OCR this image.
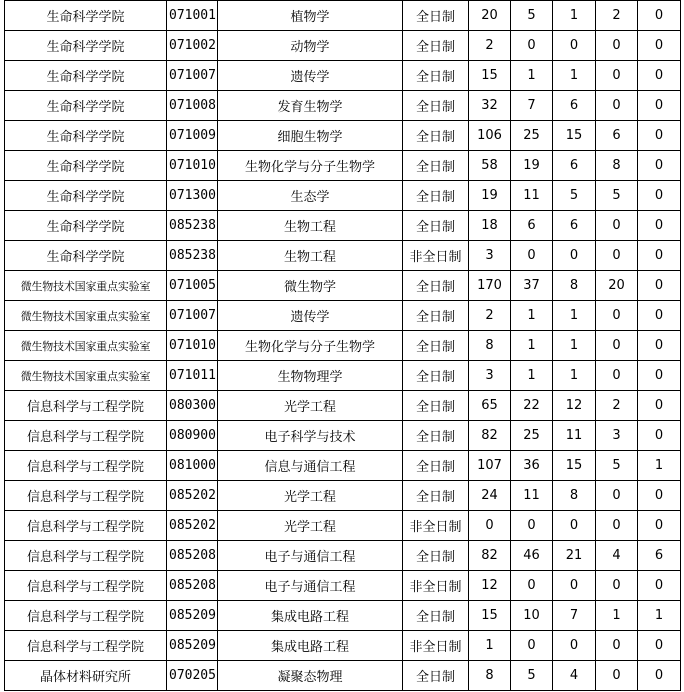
生命科学学院	071001	植物学	全日制	20	5	1	2	0
生命科学学院	071002	动物学	全日制	2	0	0	0	0
生命科学学院	071007	遗传学	全日制	15	1	1	0	0
生命科学学院	071008	发育生物学	全日制	32	7	6	0	0
生命科学学院	071009	细胞生物学	全日制	106	25	15	6	0
生命科学学院	071010	生物化学与分子生物学	全日制	58	19	6	8	0
生命科学学院	071300	生态学	全日制	19	11	5	5	0
生命科学学院	085238	生物工程	全日制	18	6	6	0	0
生命科学学院	085238	生物工程	非全日制	3	0	0	0	0
微生物技术国家重点实验室	071005	微生物学	全日制	170	37	8	20	0
微生物技术国家重点实验室	071007	遗传学	全日制	2	1	1	0	0
微生物技术国家重点实验室	071010	生物化学与分子生物学	全日制	8	1	1	0	0
微生物技术国家重点实验室	071011	生物物理学	全日制	3	1	1	0	0
信息科学与工程学院	080300	光学工程	全日制	65	22	12	2	0
信息科学与工程学院	080900	电子科学与技术	全日制	82	25	11	3	0
信息科学与工程学院	081000	信息与通信工程	全日制	107	36	15	5	1
信息科学与工程学院	085202	光学工程	全日制	24	11	8	0	0
信息科学与工程学院	085202	光学工程	非全日制	0	0	0	0	0
信息科学与工程学院	085208	电子与通信工程	全日制	82	46	21	4	6
信息科学与工程学院	085208	电子与通信工程	非全日制	12	0	0	0	0
信息科学与工程学院	085209	集成电路工程	全日制	15	10	7	1	1
信息科学与工程学院	085209	集成电路工程	非全日制	1	0	0	0	0
晶体材料研究所	070205	凝聚态物理	全日制	8	5	4	0	0
